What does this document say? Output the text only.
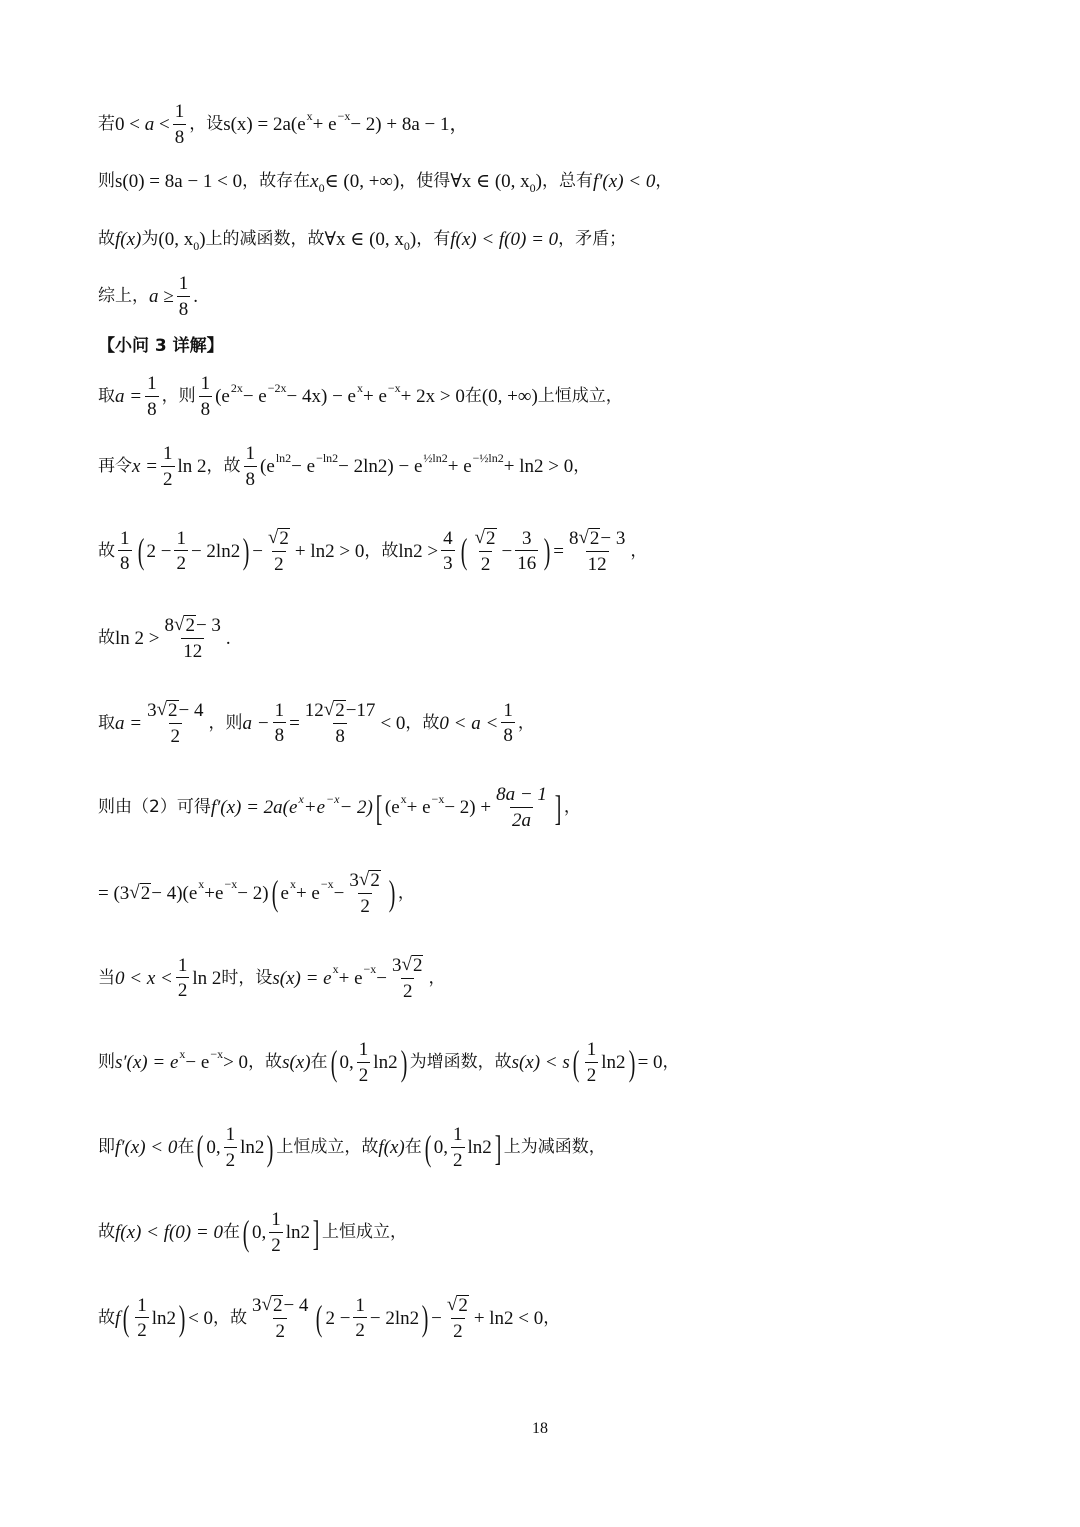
若 0
<
a
<
1
8
，设 s(x) = 2a(e x + e −x − 2) + 8a − 1，
则 s(0) = 8a − 1 < 0 ，故存在 x 0 ∈ (0, +∞) ，使得 ∀x ∈ (0, x 0 ) ，总有 f′(x) < 0 ，
故 f(x) 为 (0, x 0 ) 上的减函数，故 ∀x ∈ (0, x 0 ) ，有 f(x) < f(0) = 0 ，矛盾；
综上， $a \ge \frac{1}{8}$ .
【小问 3 详解】
取 $a = \frac{1}{8}$ ，则
1
8
(e 2x − e −2x − 4x) − e x + e −x + 2x > 0 在 (0, +∞) 上恒成立，
再令 $x = \frac{1}{2}$ ln 2 ，故
1
8
(e ln2 − e −ln2 − 2ln2) − e ½ln2 + e −½ln2 + ln2 > 0 ，
故
1
8 ( $2 - \frac{1}{2} - 2\ln 2$ ) − $\frac{√ 2}{2} + \ln 2 > 0$ ，故 ln2 >
4
3 ( √ 2
2
− $\frac{3}{16}$ ) = $\frac{8 √ 2 - 3}{12}$ ，
故 ln 2 >
8 √ 2 − 3
12
.
取 $a = \frac{3 √ 2 - 4}{2}$ ，则 $a - \frac{1}{8} = \frac{12 √ 2 -17}{8} < 0$ ，故 0 < a <
1
8
，
则由（2）可得 f′(x) = 2a(e x +e −x − 2) [ (e $x + e -x - 2) + \frac{8a - 1}{2a}$ ] ，
= (3 √ 2 − 4)(e x +e −x − 2) ( e $x + e -x - \frac{3 √ 2}{2}$ ) ，
当 0 < x <
1
2
ln 2 时，设 s(x) = e $x + e -x - \frac{3 √ 2}{2}$ ，
则 s′(x) = e x − e −x > 0 ，故 s(x) 在 ( 0,
1
2
ln2 ) 为增函数，故 s(x) < s ( 1
2
ln2 ) = 0 ，
即 f′(x) < 0 在 ( 0,
1
2
ln2 ) 上恒成立，故 f(x) 在 ( 0,
1
2
ln2 ] 上为减函数，
故 f(x) < f(0) = 0 在 ( 0,
1
2
ln2 ] 上恒成立，
故 f ( 1
2
ln2 ) < 0 ，故
3 √ 2 − 4
2 ( $2 - \frac{1}{2} - 2\ln 2$ ) − $\frac{√ 2}{2} + \ln 2 < 0$ ，
18
